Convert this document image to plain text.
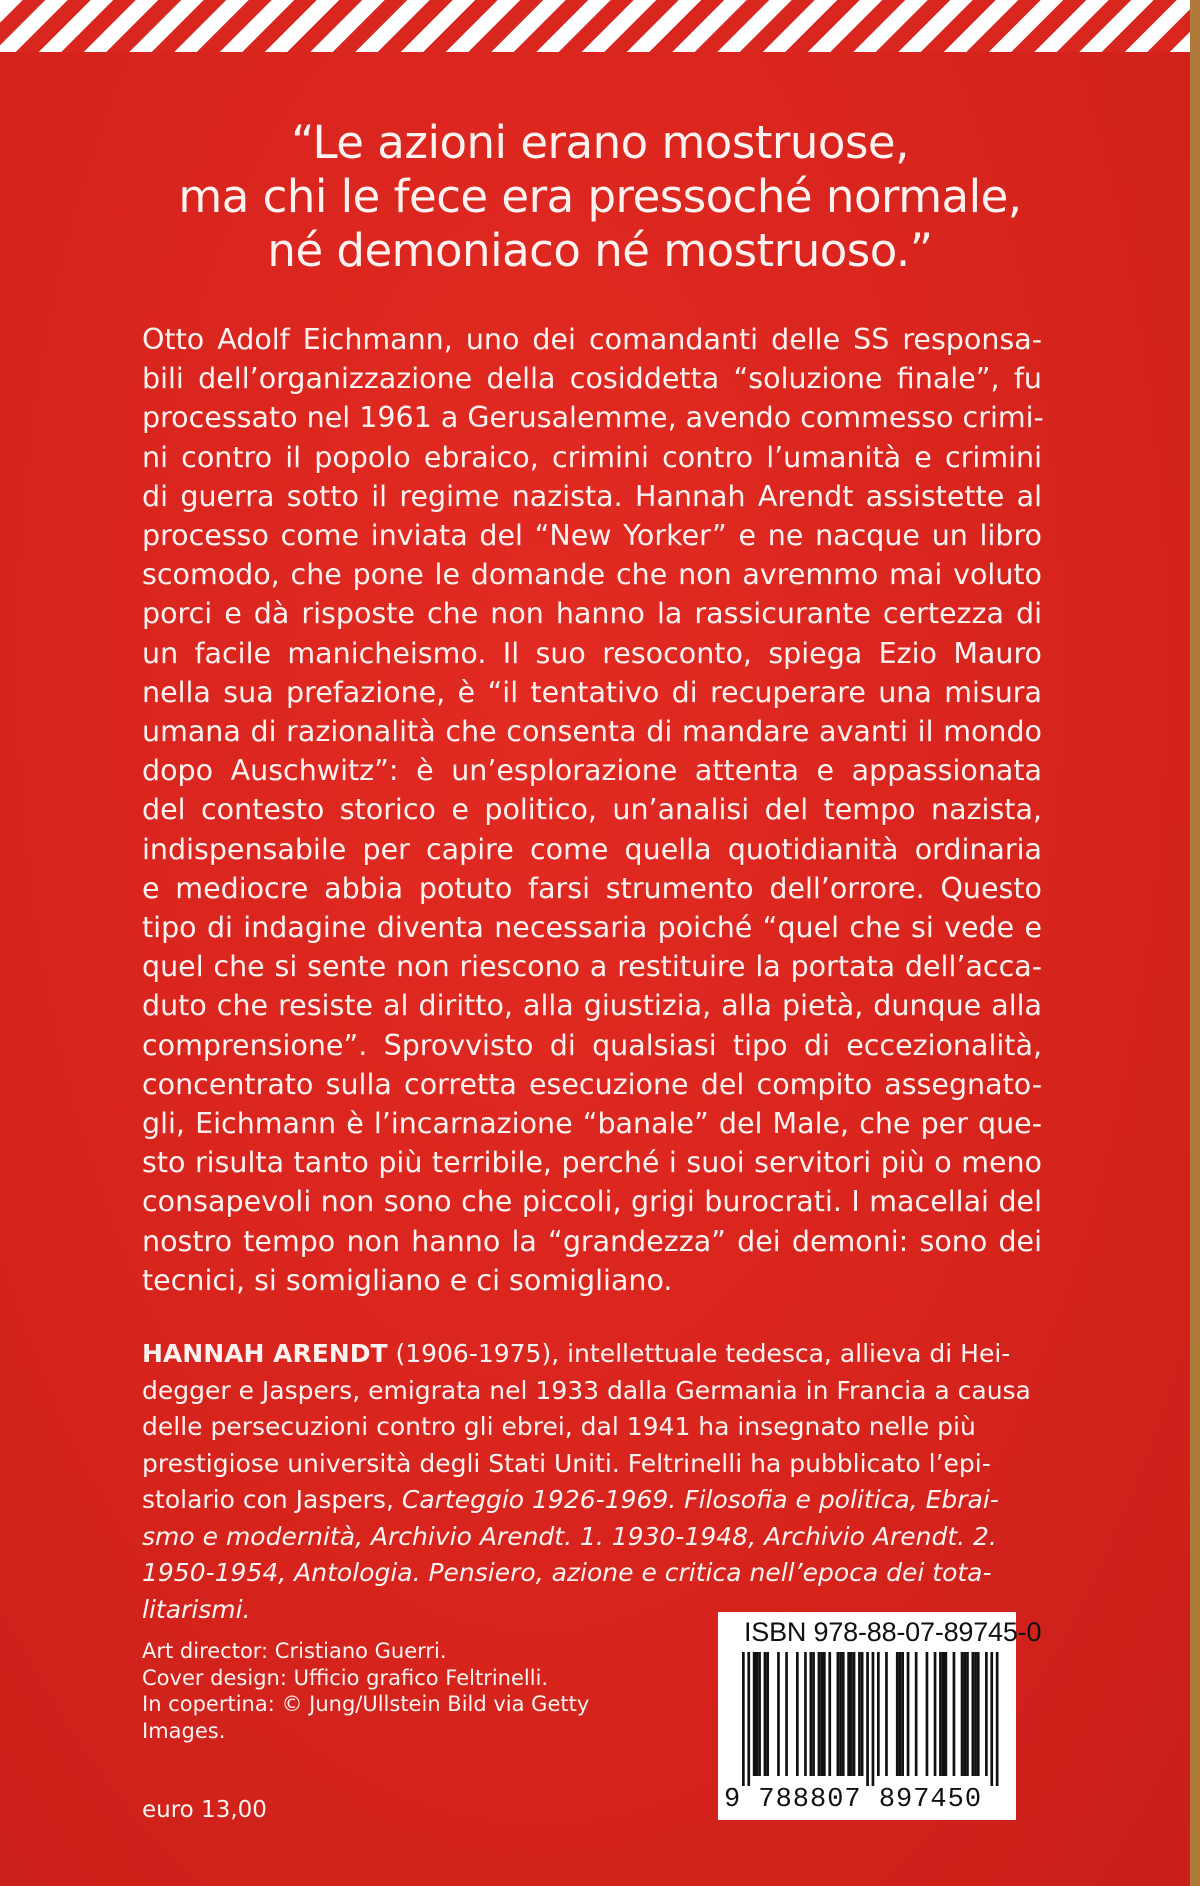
“Le azioni erano mostruose,
ma chi le fece era pressoché normale,
né demoniaco né mostruoso.”
Otto Adolf Eichmann, uno dei comandanti delle SS responsa-
bili dell’organizzazione della cosiddetta “soluzione finale”, fu
processato nel 1961 a Gerusalemme, avendo commesso crimi-
ni contro il popolo ebraico, crimini contro l’umanità e crimini
di guerra sotto il regime nazista. Hannah Arendt assistette al
processo come inviata del “New Yorker” e ne nacque un libro
scomodo, che pone le domande che non avremmo mai voluto
porci e dà risposte che non hanno la rassicurante certezza di
un facile manicheismo. Il suo resoconto, spiega Ezio Mauro
nella sua prefazione, è “il tentativo di recuperare una misura
umana di razionalità che consenta di mandare avanti il mondo
dopo Auschwitz”: è un’esplorazione attenta e appassionata
del contesto storico e politico, un’analisi del tempo nazista,
indispensabile per capire come quella quotidianità ordinaria
e mediocre abbia potuto farsi strumento dell’orrore. Questo
tipo di indagine diventa necessaria poiché “quel che si vede e
quel che si sente non riescono a restituire la portata dell’acca-
duto che resiste al diritto, alla giustizia, alla pietà, dunque alla
comprensione”. Sprovvisto di qualsiasi tipo di eccezionalità,
concentrato sulla corretta esecuzione del compito assegnato-
gli, Eichmann è l’incarnazione “banale” del Male, che per que-
sto risulta tanto più terribile, perché i suoi servitori più o meno
consapevoli non sono che piccoli, grigi burocrati. I macellai del
nostro tempo non hanno la “grandezza” dei demoni: sono dei
tecnici, si somigliano e ci somigliano.
HANNAH ARENDT (1906-1975), intellettuale tedesca, allieva di Hei-
degger e Jaspers, emigrata nel 1933 dalla Germania in Francia a causa
delle persecuzioni contro gli ebrei, dal 1941 ha insegnato nelle più
prestigiose università degli Stati Uniti. Feltrinelli ha pubblicato l’epi-
stolario con Jaspers, Carteggio 1926-1969. Filosofia e politica, Ebrai-
smo e modernità, Archivio Arendt. 1. 1930-1948, Archivio Arendt. 2.
1950-1954, Antologia. Pensiero, azione e critica nell’epoca dei tota-
litarismi.
Art director: Cristiano Guerri.
Cover design: Ufficio grafico Feltrinelli.
In copertina: © Jung/Ullstein Bild via Getty
Images.
euro 13,00
ISBN 978-88-07-89745-0
9 788807 897450
